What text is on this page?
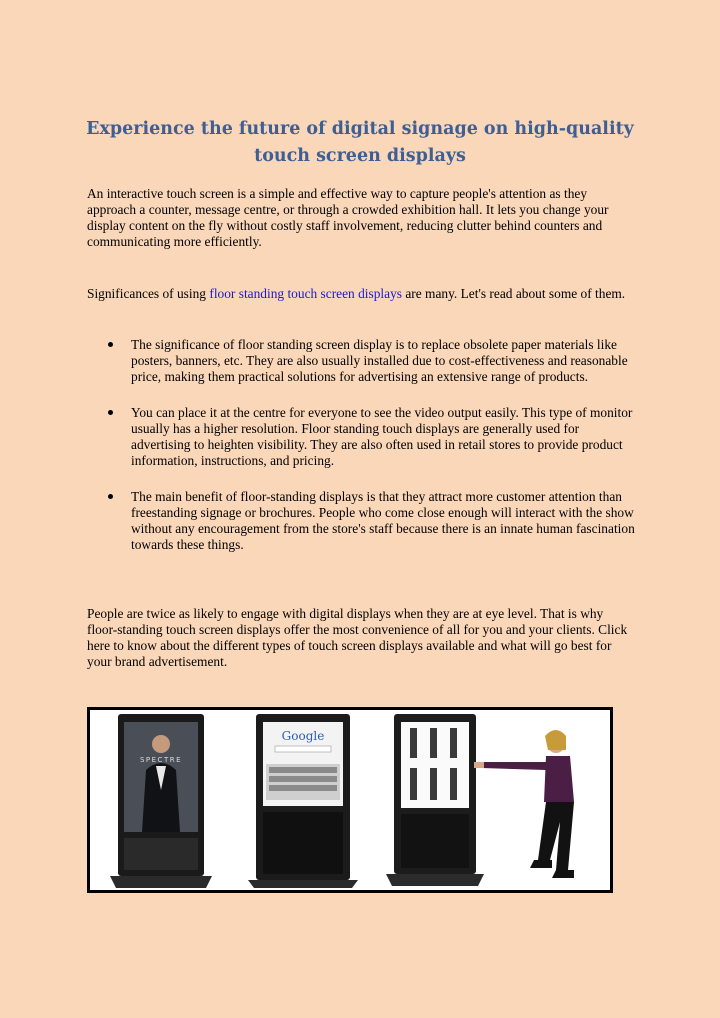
Experience the future of digital signage on high-quality touch screen displays

An interactive touch screen is a simple and effective way to capture people's attention as they approach a counter, message centre, or through a crowded exhibition hall. It lets you change your display content on the fly without costly staff involvement, reducing clutter behind counters and communicating more efficiently.

Significances of using floor standing touch screen displays are many. Let's read about some of them.

The significance of floor standing screen display is to replace obsolete paper materials like posters, banners, etc. They are also usually installed due to cost-effectiveness and reasonable price, making them practical solutions for advertising an extensive range of products.
You can place it at the centre for everyone to see the video output easily. This type of monitor usually has a higher resolution. Floor standing touch displays are generally used for advertising to heighten visibility. They are also often used in retail stores to provide product information, instructions, and pricing.
The main benefit of floor-standing displays is that they attract more customer attention than freestanding signage or brochures. People who come close enough will interact with the show without any encouragement from the store's staff because there is an innate human fascination towards these things.

People are twice as likely to engage with digital displays when they are at eye level. That is why floor-standing touch screen displays offer the most convenience of all for you and your clients. Click here to know about the different types of touch screen displays available and what will go best for your brand advertisement.

SPECTRE
Google
